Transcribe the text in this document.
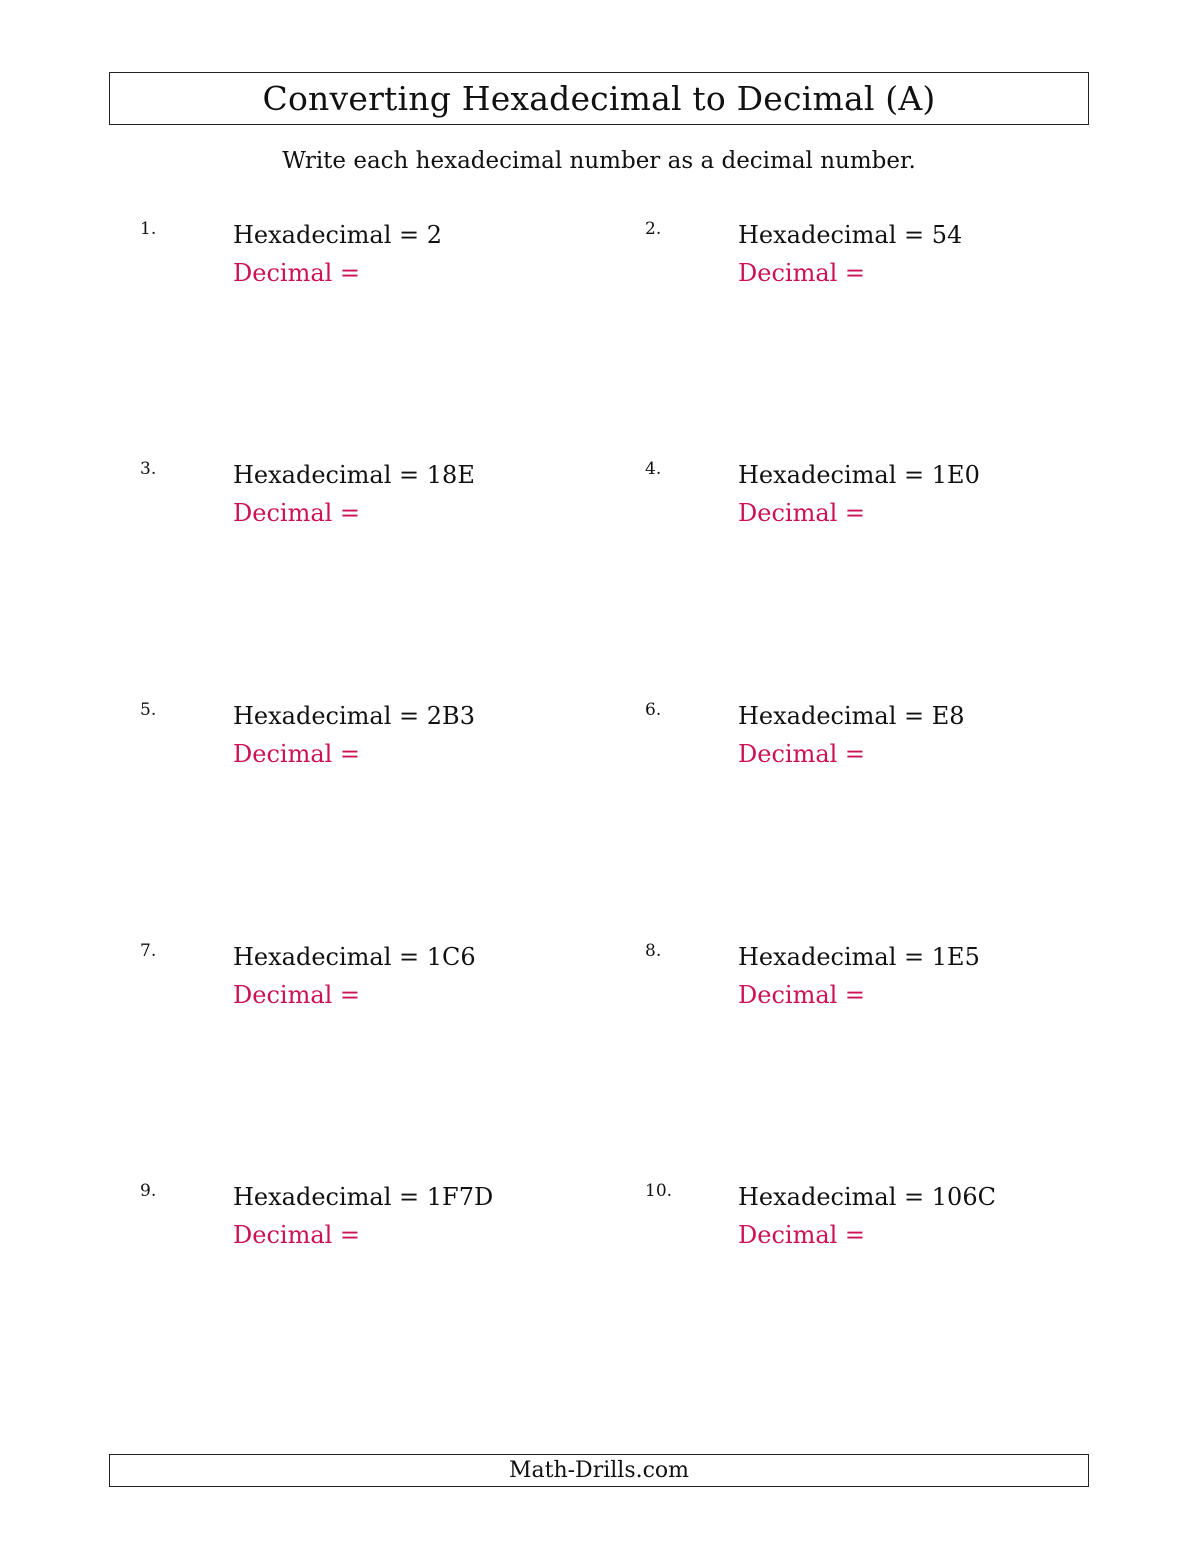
Converting Hexadecimal to Decimal (A)
Write each hexadecimal number as a decimal number.
1.	Hexadecimal = 2
Decimal =
2.	Hexadecimal = 54
Decimal =
3.	Hexadecimal = 18E
Decimal =
4.	Hexadecimal = 1E0
Decimal =
5.	Hexadecimal = 2B3
Decimal =
6.	Hexadecimal = E8
Decimal =
7.	Hexadecimal = 1C6
Decimal =
8.	Hexadecimal = 1E5
Decimal =
9.	Hexadecimal = 1F7D
Decimal =
10.	Hexadecimal = 106C
Decimal =
Math-Drills.com
